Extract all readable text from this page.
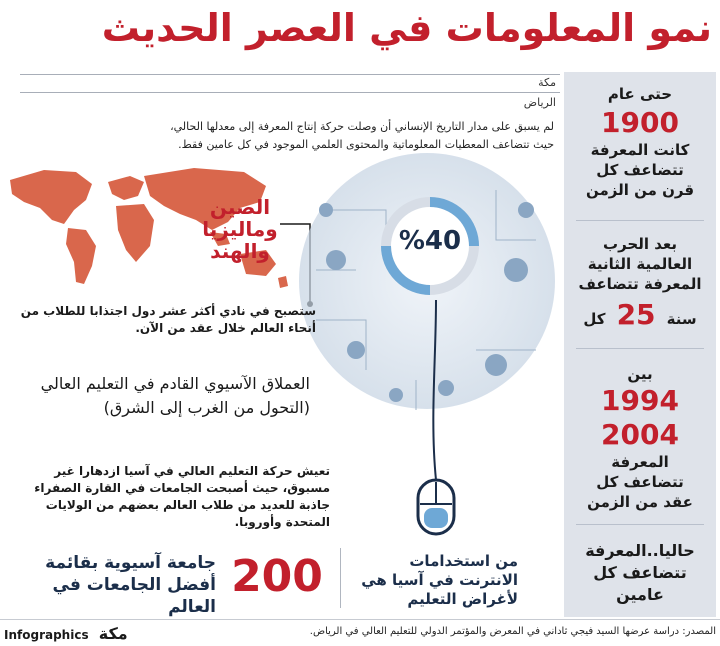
نمو المعلومات في العصر الحديث
مكة
الرياض
لم يسبق على مدار التاريخ الإنساني أن وصلت حركة إنتاج المعرفة إلى معدلها الحالي، حيث تتضاعف المعطيات المعلوماتية والمحتوى العلمي الموجود في كل عامين فقط.
حتى عام
1900
كانت المعرفة تتضاعف كل قرن من الزمن
بعد الحرب العالمية الثانية المعرفة تتضاعف
سنة 25 كل
بين
1994
2004
المعرفة تتضاعف كل عقد من الزمن
حاليا..المعرفة تتضاعف كل عامين
الصين وماليزيا والهند	%40
ستصبح في نادي أكثر عشر دول اجتذابا للطلاب من أنحاء العالم خلال عقد من الآن.
العملاق الآسيوي القادم في التعليم العالي
(التحول من الغرب إلى الشرق)
تعيش حركة التعليم العالي في آسيا ازدهارا غير مسبوق، حيث أصبحت الجامعات في القارة الصفراء جاذبة للعديد من طلاب العالم بعضهم من الولايات المتحدة وأوروبا.
جامعة آسيوية بقائمة أفضل الجامعات في العالم
200	من استخدامات الانترنت في آسيا هي لأغراض التعليم
Infographics مكة	المصدر: دراسة عرضها السيد فيجي ثاداني في المعرض والمؤتمر الدولي للتعليم العالي في الرياض.
